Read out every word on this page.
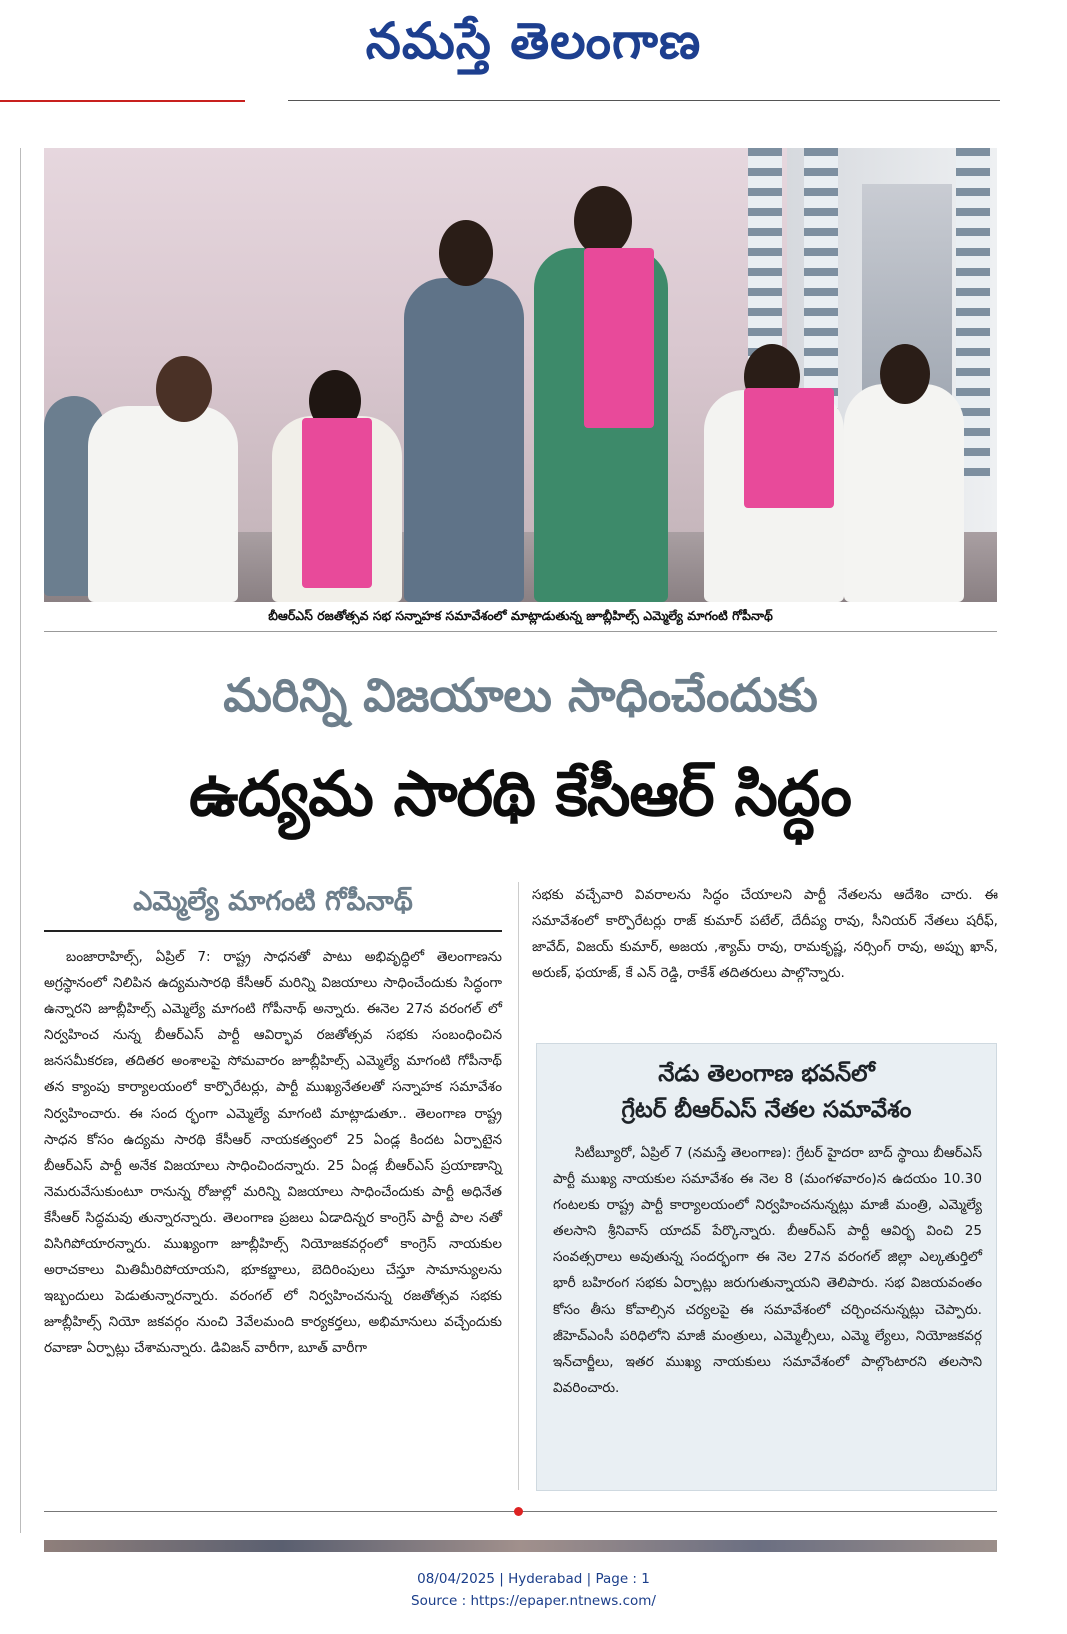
నమస్తే తెలంగాణ
బీఆర్ఎస్ రజతోత్సవ సభ సన్నాహక సమావేశంలో మాట్లాడుతున్న జూబ్లీహిల్స్ ఎమ్మెల్యే మాగంటి గోపీనాథ్
మరిన్ని విజయాలు సాధించేందుకు
ఉద్యమ సారథి కేసీఆర్ సిద్ధం
ఎమ్మెల్యే మాగంటి గోపీనాథ్

బంజారాహిల్స్, ఏప్రిల్ 7: రాష్ట్ర సాధనతో పాటు అభివృద్ధిలో తెలంగాణను అగ్రస్థానంలో నిలిపిన ఉద్యమసారథి కేసీఆర్ మరిన్ని విజయాలు సాధించేందుకు సిద్ధంగా ఉన్నారని జూబ్లీహిల్స్ ఎమ్మెల్యే మాగంటి గోపీనాథ్ అన్నారు. ఈనెల 27న వరంగల్ లో నిర్వహించ నున్న బీఆర్ఎస్ పార్టీ ఆవిర్భావ రజతోత్సవ సభకు సంబంధించిన జనసమీకరణ, తదితర అంశాలపై సోమవారం జూబ్లీహిల్స్ ఎమ్మెల్యే మాగంటి గోపీనాథ్ తన క్యాంపు కార్యాలయంలో కార్పొరేటర్లు, పార్టీ ముఖ్యనేతలతో సన్నాహక సమావేశం నిర్వహించారు. ఈ సంద ర్భంగా ఎమ్మెల్యే మాగంటి మాట్లాడుతూ.. తెలంగాణ రాష్ట్ర సాధన కోసం ఉద్యమ సారథి కేసీఆర్ నాయకత్వంలో 25 ఏండ్ల కిందట ఏర్పాటైన బీఆర్ఎస్ పార్టీ అనేక విజయాలు సాధించిందన్నారు. 25 ఏండ్ల బీఆర్ఎస్ ప్రయాణాన్ని నెమరువేసుకుంటూ రానున్న రోజుల్లో మరిన్ని విజయాలు సాధించేందుకు పార్టీ అధినేత కేసీఆర్ సిద్ధమవు తున్నారన్నారు. తెలంగాణ ప్రజలు ఏడాదిన్నర కాంగ్రెస్ పార్టీ పాల నతో విసిగిపోయారన్నారు. ముఖ్యంగా జూబ్లీహిల్స్ నియోజకవర్గంలో కాంగ్రెస్ నాయకుల అరాచకాలు మితిమీరిపోయాయని, భూకబ్జాలు, బెదిరింపులు చేస్తూ సామాన్యులను ఇబ్బందులు పెడుతున్నారన్నారు. వరంగల్ లో నిర్వహించనున్న రజతోత్సవ సభకు జూబ్లీహిల్స్ నియో జకవర్గం నుంచి 3వేలమంది కార్యకర్తలు, అభిమానులు వచ్చేందుకు రవాణా ఏర్పాట్లు చేశామన్నారు. డివిజన్ వారీగా, బూత్ వారీగా

సభకు వచ్చేవారి వివరాలను సిద్ధం చేయాలని పార్టీ నేతలను ఆదేశిం చారు. ఈ సమావేశంలో కార్పొరేటర్లు రాజ్ కుమార్ పటేల్, దేదీప్య రావు, సీనియర్ నేతలు షరీఫ్, జావేద్, విజయ్ కుమార్, అజయ ,శ్యామ్ రావు, రామకృష్ణ, నర్సింగ్ రావు, అప్పు ఖాన్, అరుణ్, ఫయాజ్, కే ఎన్ రెడ్డి, రాకేశ్ తదితరులు పాల్గొన్నారు.

నేడు తెలంగాణ భవన్‌లో
గ్రేటర్ బీఆర్ఎస్ నేతల సమావేశం

సిటీబ్యూరో, ఏప్రిల్ 7 (నమస్తే తెలంగాణ): గ్రేటర్ హైదరా బాద్ స్థాయి బీఆర్ఎస్ పార్టీ ముఖ్య నాయకుల సమావేశం ఈ నెల 8 (మంగళవారం)న ఉదయం 10.30 గంటలకు రాష్ట్ర పార్టీ కార్యాలయంలో నిర్వహించనున్నట్లు మాజీ మంత్రి, ఎమ్మెల్యే తలసాని శ్రీనివాస్ యాదవ్ పేర్కొన్నారు. బీఆర్ఎస్ పార్టీ ఆవిర్భ వించి 25 సంవత్సరాలు అవుతున్న సందర్భంగా ఈ నెల 27న వరంగల్ జిల్లా ఎల్కతుర్తిలో భారీ బహిరంగ సభకు ఏర్పాట్లు జరుగుతున్నాయని తెలిపారు. సభ విజయవంతం కోసం తీసు కోవాల్సిన చర్యలపై ఈ సమావేశంలో చర్చించనున్నట్లు చెప్పారు. జీహెచ్ఎంసీ పరిధిలోని మాజీ మంత్రులు, ఎమ్మెల్సీలు, ఎమ్మె ల్యేలు, నియోజకవర్గ ఇన్‌చార్జీలు, ఇతర ముఖ్య నాయకులు సమావేశంలో పాల్గొంటారని తలసాని వివరించారు.

08/04/2025 | Hyderabad | Page : 1
Source : https://epaper.ntnews.com/
